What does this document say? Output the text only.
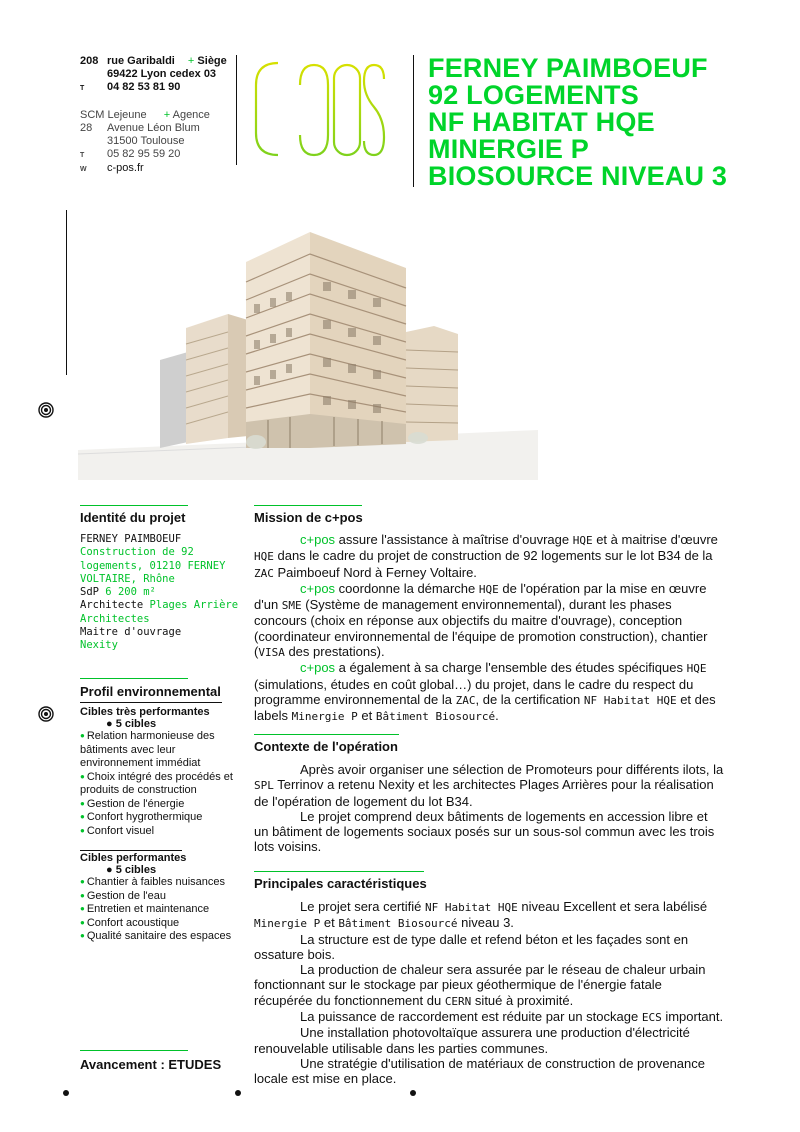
208 rue Garibaldi + Siège
69422 Lyon cedex 03
T 04 82 53 81 90
SCM Lejeune + Agence
28 Avenue Léon Blum
31500 Toulouse
T 05 82 95 59 20
W c-pos.fr
FERNEY PAIMBOEUF
92 LOGEMENTS
NF HABITAT HQE
MINERGIE P
BIOSOURCE NIVEAU 3
Identité du projet
FERNEY PAIMBOEUF
Construction de 92 logements, 01210 FERNEY VOLTAIRE, Rhône
SdP 6 200 m²
Architecte Plages Arrière Architectes
Maitre d'ouvrage
Nexity
Profil environnemental
Cibles très performantes
● 5 cibles
● Relation harmonieuse des bâtiments avec leur environnement immédiat
● Choix intégré des procédés et produits de construction
● Gestion de l'énergie
● Confort hygrothermique
● Confort visuel
Cibles performantes
● 5 cibles
● Chantier à faibles nuisances
● Gestion de l'eau
● Entretien et maintenance
● Confort acoustique
● Qualité sanitaire des espaces
Avancement : ETUDES
Mission de c+pos
c+pos assure l'assistance à maîtrise d'ouvrage HQE et à maitrise d'œuvre HQE dans le cadre du projet de construction de 92 logements sur le lot B34 de la ZAC Paimboeuf Nord à Ferney Voltaire.
c+pos coordonne la démarche HQE de l'opération par la mise en œuvre d'un SME (Système de management environnemental), durant les phases concours (choix en réponse aux objectifs du maitre d'ouvrage), conception (coordinateur environnemental de l'équipe de promotion construction), chantier (VISA des prestations).
c+pos a également à sa charge l'ensemble des études spécifiques HQE (simulations, études en coût global…) du projet, dans le cadre du respect du programme environnemental de la ZAC, de la certification NF Habitat HQE et des labels Minergie P et Bâtiment Biosourcé.
Contexte de l'opération
Après avoir organiser une sélection de Promoteurs pour différents ilots, la SPL Terrinov a retenu Nexity et les architectes Plages Arrières pour la réalisation de l'opération de logement du lot B34.
Le projet comprend deux bâtiments de logements en accession libre et un bâtiment de logements sociaux posés sur un sous-sol commun avec les trois lots voisins.
Principales caractéristiques
Le projet sera certifié NF Habitat HQE niveau Excellent et sera labélisé Minergie P et Bâtiment Biosourcé niveau 3.
La structure est de type dalle et refend béton et les façades sont en ossature bois.
La production de chaleur sera assurée par le réseau de chaleur urbain fonctionnant sur le stockage par pieux géothermique de l'énergie fatale récupérée du fonctionnement du CERN situé à proximité.
La puissance de raccordement est réduite par un stockage ECS important.
Une installation photovoltaïque assurera une production d'électricité renouvelable utilisable dans les parties communes.
Une stratégie d'utilisation de matériaux de construction de provenance locale est mise en place.
